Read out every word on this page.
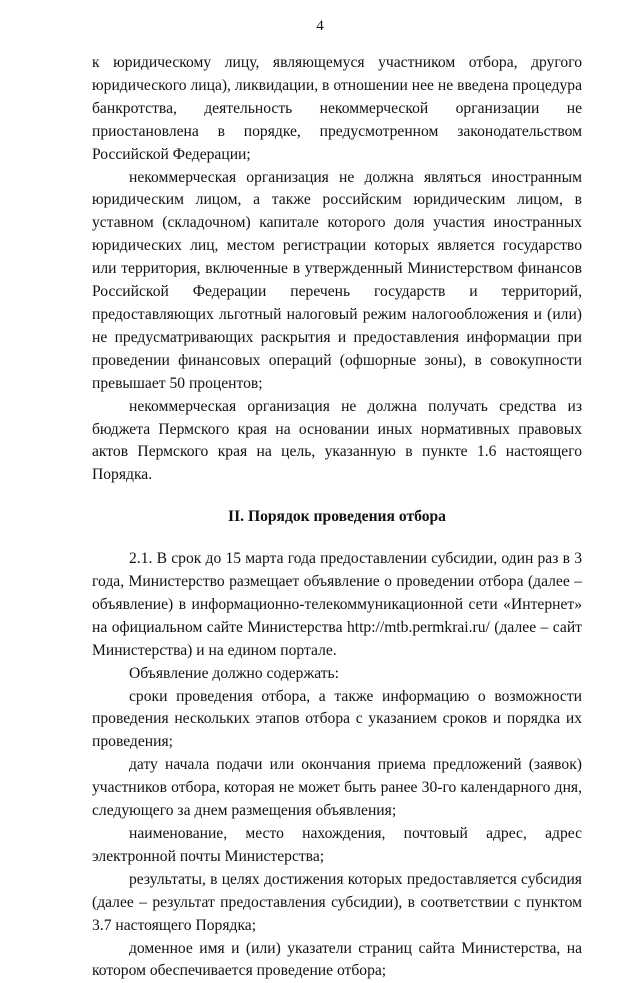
4

к юридическому лицу, являющемуся участником отбора, другого юридического лица), ликвидации, в отношении нее не введена процедура банкротства, деятельность некоммерческой организации не приостановлена в порядке, предусмотренном законодательством Российской Федерации;

некоммерческая организация не должна являться иностранным юридическим лицом, а также российским юридическим лицом, в уставном (складочном) капитале которого доля участия иностранных юридических лиц, местом регистрации которых является государство или территория, включенные в утвержденный Министерством финансов Российской Федерации перечень государств и территорий, предоставляющих льготный налоговый режим налогообложения и (или) не предусматривающих раскрытия и предоставления информации при проведении финансовых операций (офшорные зоны), в совокупности превышает 50 процентов;

некоммерческая организация не должна получать средства из бюджета Пермского края на основании иных нормативных правовых актов Пермского края на цель, указанную в пункте 1.6 настоящего Порядка.

II. Порядок проведения отбора

2.1. В срок до 15 марта года предоставлении субсидии, один раз в 3 года, Министерство размещает объявление о проведении отбора (далее – объявление) в информационно-телекоммуникационной сети «Интернет» на официальном сайте Министерства http://mtb.permkrai.ru/ (далее – сайт Министерства) и на едином портале.

Объявление должно содержать:

сроки проведения отбора, а также информацию о возможности проведения нескольких этапов отбора с указанием сроков и порядка их проведения;

дату начала подачи или окончания приема предложений (заявок) участников отбора, которая не может быть ранее 30-го календарного дня, следующего за днем размещения объявления;

наименование, место нахождения, почтовый адрес, адрес электронной почты Министерства;

результаты, в целях достижения которых предоставляется субсидия (далее – результат предоставления субсидии), в соответствии с пунктом 3.7 настоящего Порядка;

доменное имя и (или) указатели страниц сайта Министерства, на котором обеспечивается проведение отбора;
